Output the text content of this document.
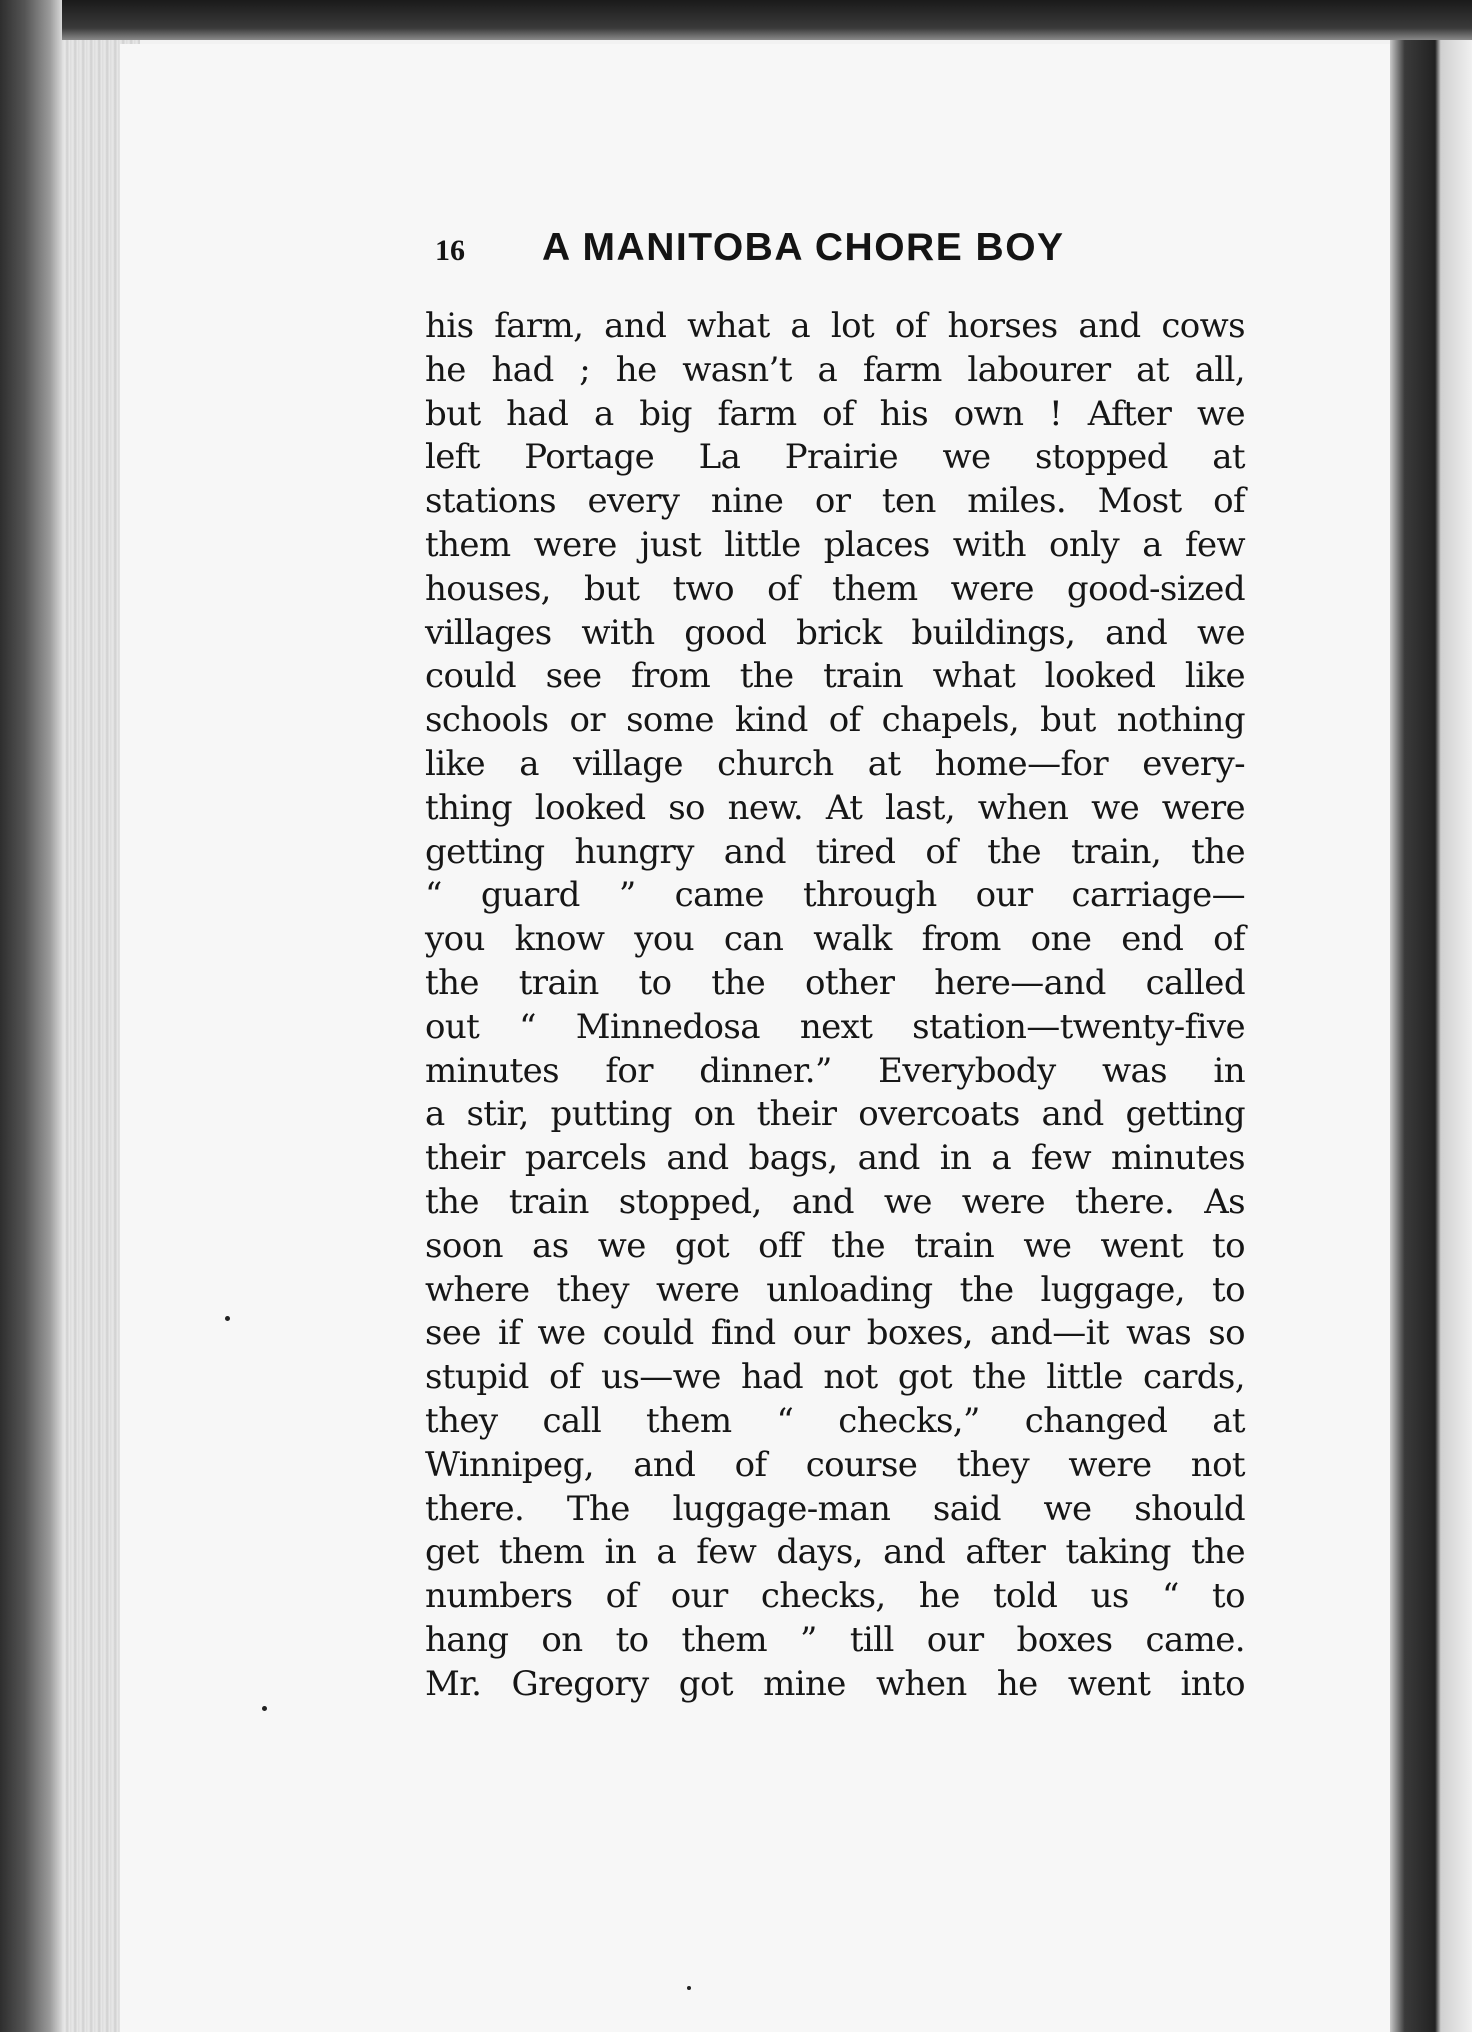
16 A MANITOBA CHORE BOY
his farm, and what a lot of horses and cows
he had ; he wasn’t a farm labourer at all,
but had a big farm of his own ! After we
left Portage La Prairie we stopped at
stations every nine or ten miles. Most of
them were just little places with only a few
houses, but two of them were good-sized
villages with good brick buildings, and we
could see from the train what looked like
schools or some kind of chapels, but nothing
like a village church at home—for every-
thing looked so new. At last, when we were
getting hungry and tired of the train, the
“ guard ” came through our carriage—
you know you can walk from one end of
the train to the other here—and called
out “ Minnedosa next station—twenty-five
minutes for dinner.” Everybody was in
a stir, putting on their overcoats and getting
their parcels and bags, and in a few minutes
the train stopped, and we were there. As
soon as we got off the train we went to
where they were unloading the luggage, to
see if we could find our boxes, and—it was so
stupid of us—we had not got the little cards,
they call them “ checks,” changed at
Winnipeg, and of course they were not
there. The luggage-man said we should
get them in a few days, and after taking the
numbers of our checks, he told us “ to
hang on to them ” till our boxes came.
Mr. Gregory got mine when he went into
